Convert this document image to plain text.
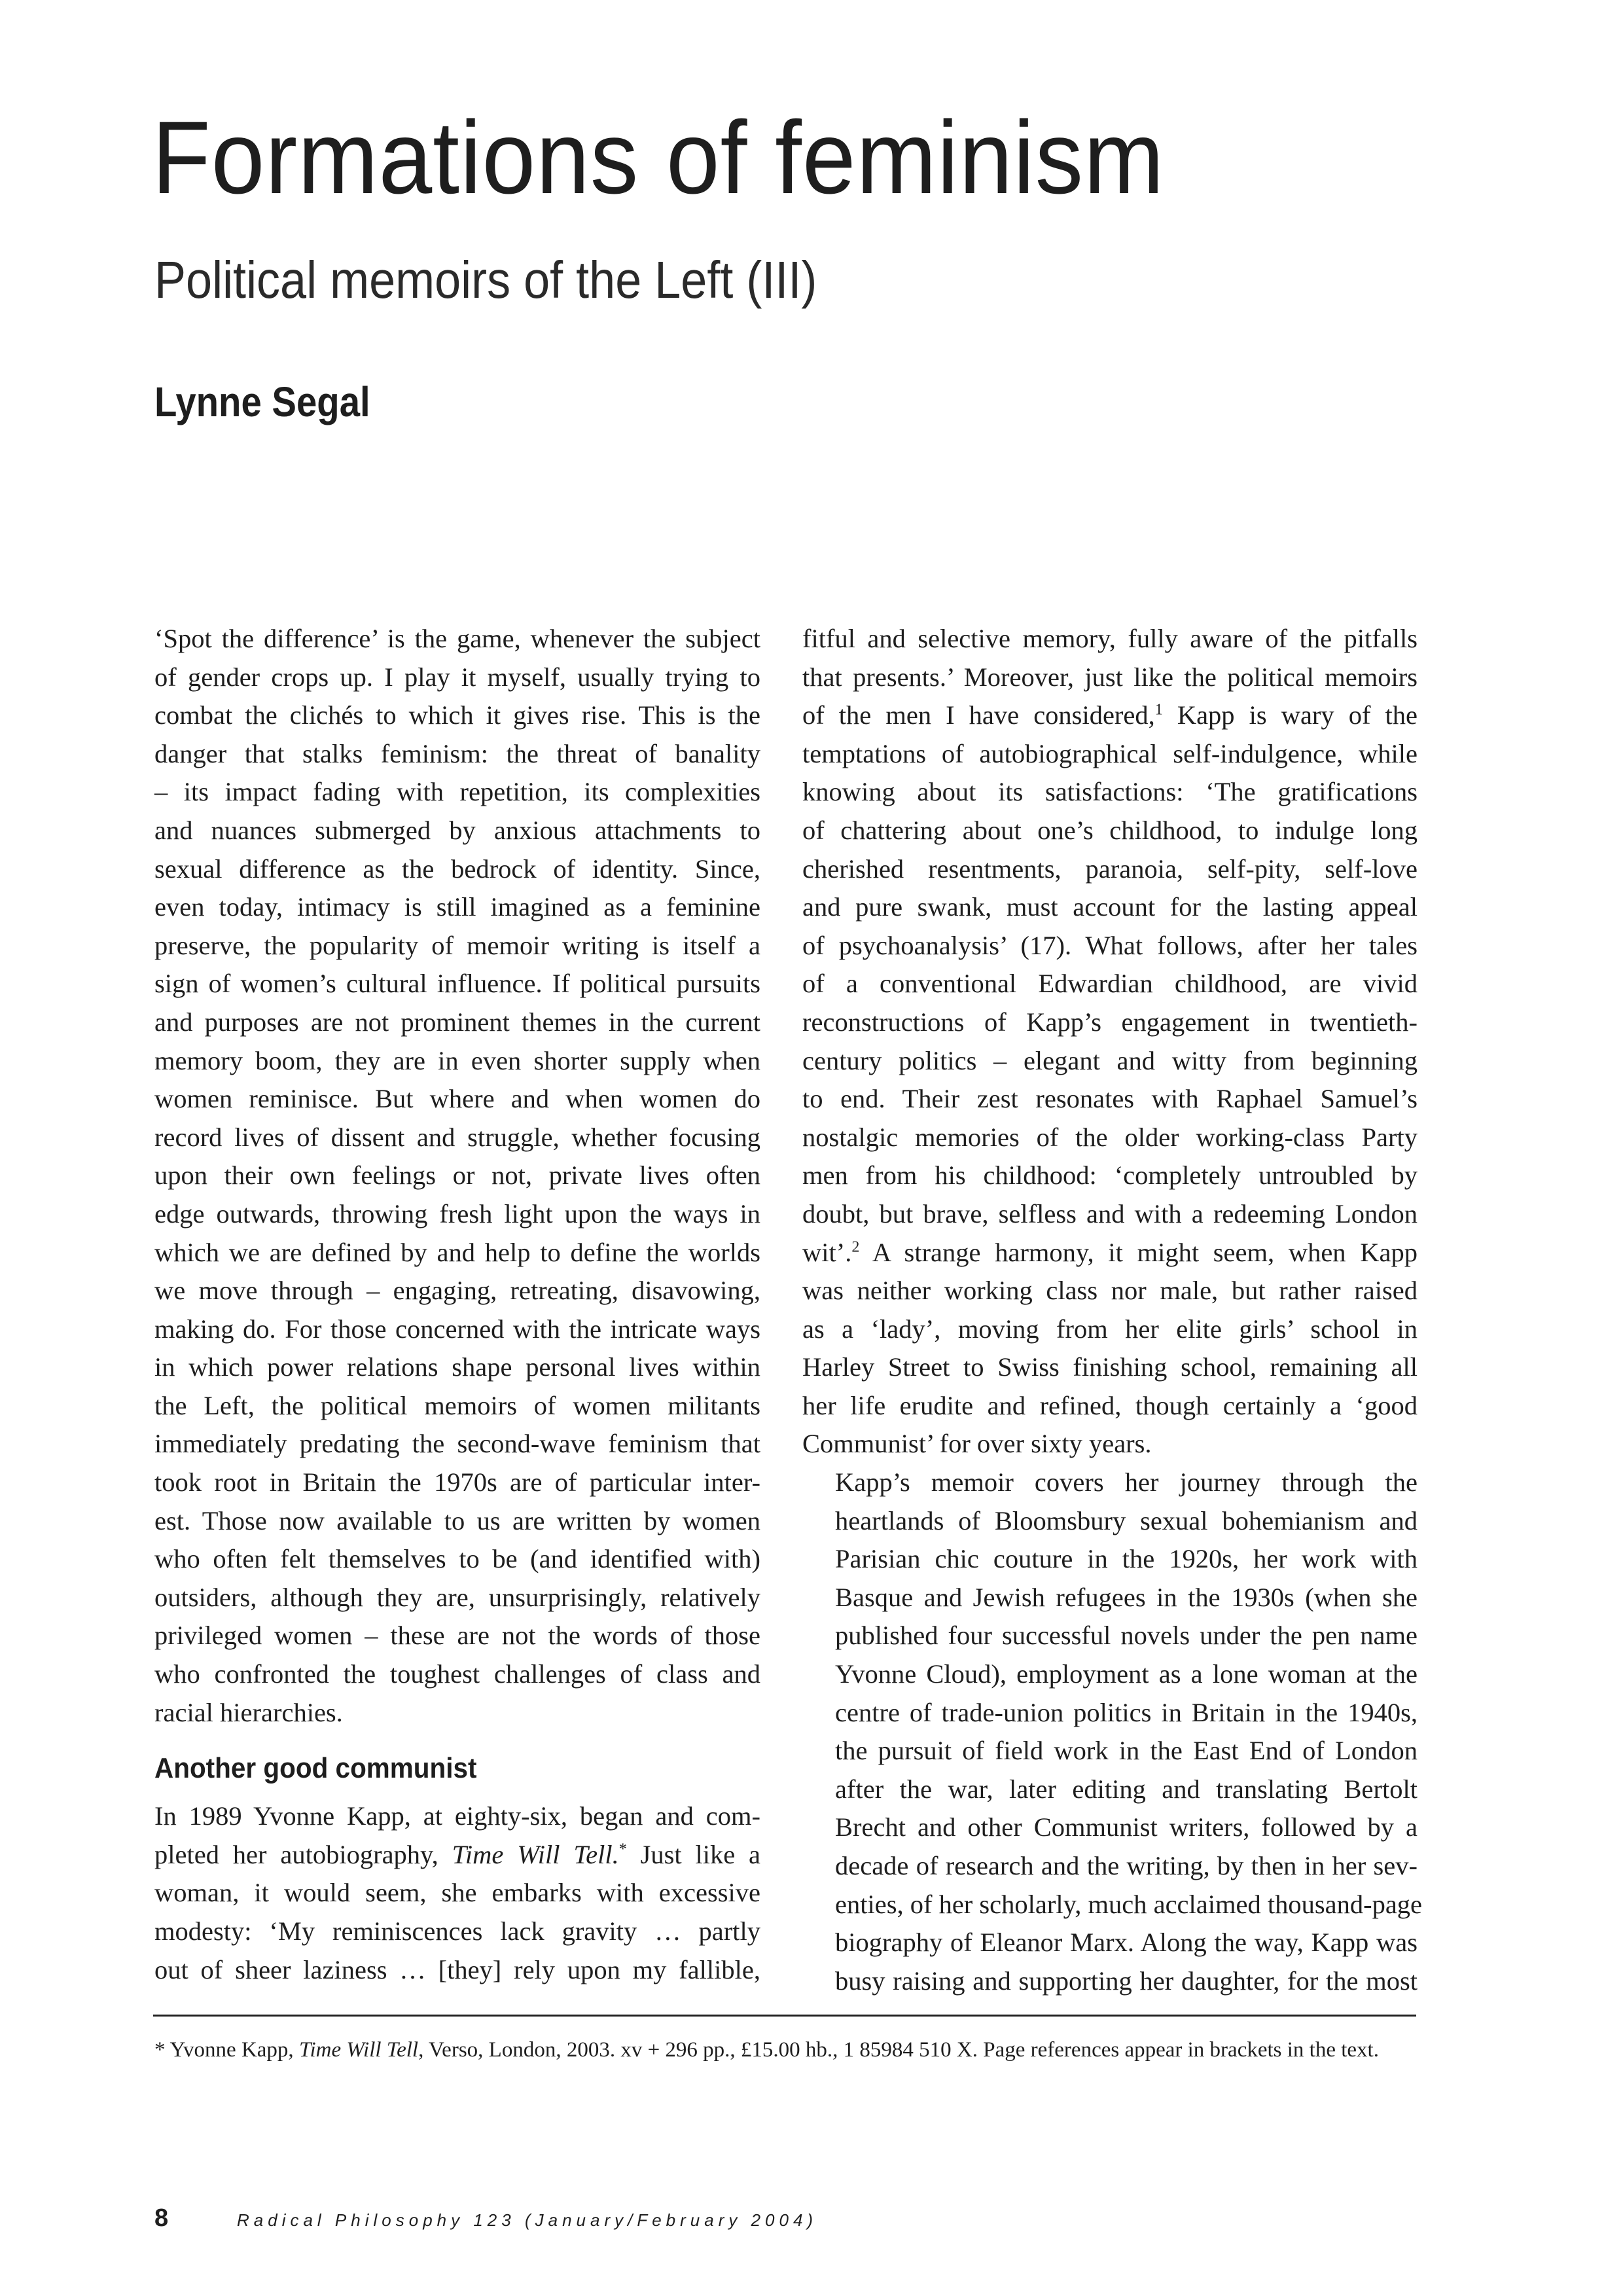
Formations of feminism
Political memoirs of the Left (III)
Lynne Segal

‘Spot the difference’ is the game, whenever the subject
of gender crops up. I play it myself, usually trying to
combat the clichés to which it gives rise. This is the
danger that stalks feminism: the threat of banality
– its impact fading with repetition, its complexities
and nuances submerged by anxious attachments to
sexual difference as the bedrock of identity. Since,
even today, intimacy is still imagined as a feminine
preserve, the popularity of memoir writing is itself a
sign of women’s cultural influence. If political pursuits
and purposes are not prominent themes in the current
memory boom, they are in even shorter supply when
women reminisce. But where and when women do
record lives of dissent and struggle, whether focusing
upon their own feelings or not, private lives often
edge outwards, throwing fresh light upon the ways in
which we are defined by and help to define the worlds
we move through – engaging, retreating, disavowing,
making do. For those concerned with the intricate ways
in which power relations shape personal lives within
the Left, the political memoirs of women militants
immediately predating the second-wave feminism that
took root in Britain the 1970s are of particular inter-
est. Those now available to us are written by women
who often felt themselves to be (and identified with)
outsiders, although they are, unsurprisingly, relatively
privileged women – these are not the words of those
who confronted the toughest challenges of class and
racial hierarchies.

Another good communist

In 1989 Yvonne Kapp, at eighty-six, began and com-
pleted her autobiography, Time Will Tell.* Just like a
woman, it would seem, she embarks with excessive
modesty: ‘My reminiscences lack gravity … partly
out of sheer laziness … [they] rely upon my fallible,

fitful and selective memory, fully aware of the pitfalls
that presents.’ Moreover, just like the political memoirs
of the men I have considered,$^1$ Kapp is wary of the
temptations of autobiographical self-indulgence, while
knowing about its satisfactions: ‘The gratifications
of chattering about one’s childhood, to indulge long
cherished resentments, paranoia, self-pity, self-love
and pure swank, must account for the lasting appeal
of psychoanalysis’ (17). What follows, after her tales
of a conventional Edwardian childhood, are vivid
reconstructions of Kapp’s engagement in twentieth-
century politics – elegant and witty from beginning
to end. Their zest resonates with Raphael Samuel’s
nostalgic memories of the older working-class Party
men from his childhood: ‘completely untroubled by
doubt, but brave, selfless and with a redeeming London
wit’.$^2$ A strange harmony, it might seem, when Kapp
was neither working class nor male, but rather raised
as a ‘lady’, moving from her elite girls’ school in
Harley Street to Swiss finishing school, remaining all
her life erudite and refined, though certainly a ‘good
Communist’ for over sixty years.

Kapp’s memoir covers her journey through the
heartlands of Bloomsbury sexual bohemianism and
Parisian chic couture in the 1920s, her work with
Basque and Jewish refugees in the 1930s (when she
published four successful novels under the pen name
Yvonne Cloud), employment as a lone woman at the
centre of trade-union politics in Britain in the 1940s,
the pursuit of field work in the East End of London
after the war, later editing and translating Bertolt
Brecht and other Communist writers, followed by a
decade of research and the writing, by then in her sev-
enties, of her scholarly, much acclaimed thousand-page
biography of Eleanor Marx. Along the way, Kapp was
busy raising and supporting her daughter, for the most

* Yvonne Kapp, Time Will Tell, Verso, London, 2003. xv + 296 pp., £15.00 hb., 1 85984 510 X. Page references appear in brackets in the text.
8	Radical Philosophy 123 (January/February 2004)
